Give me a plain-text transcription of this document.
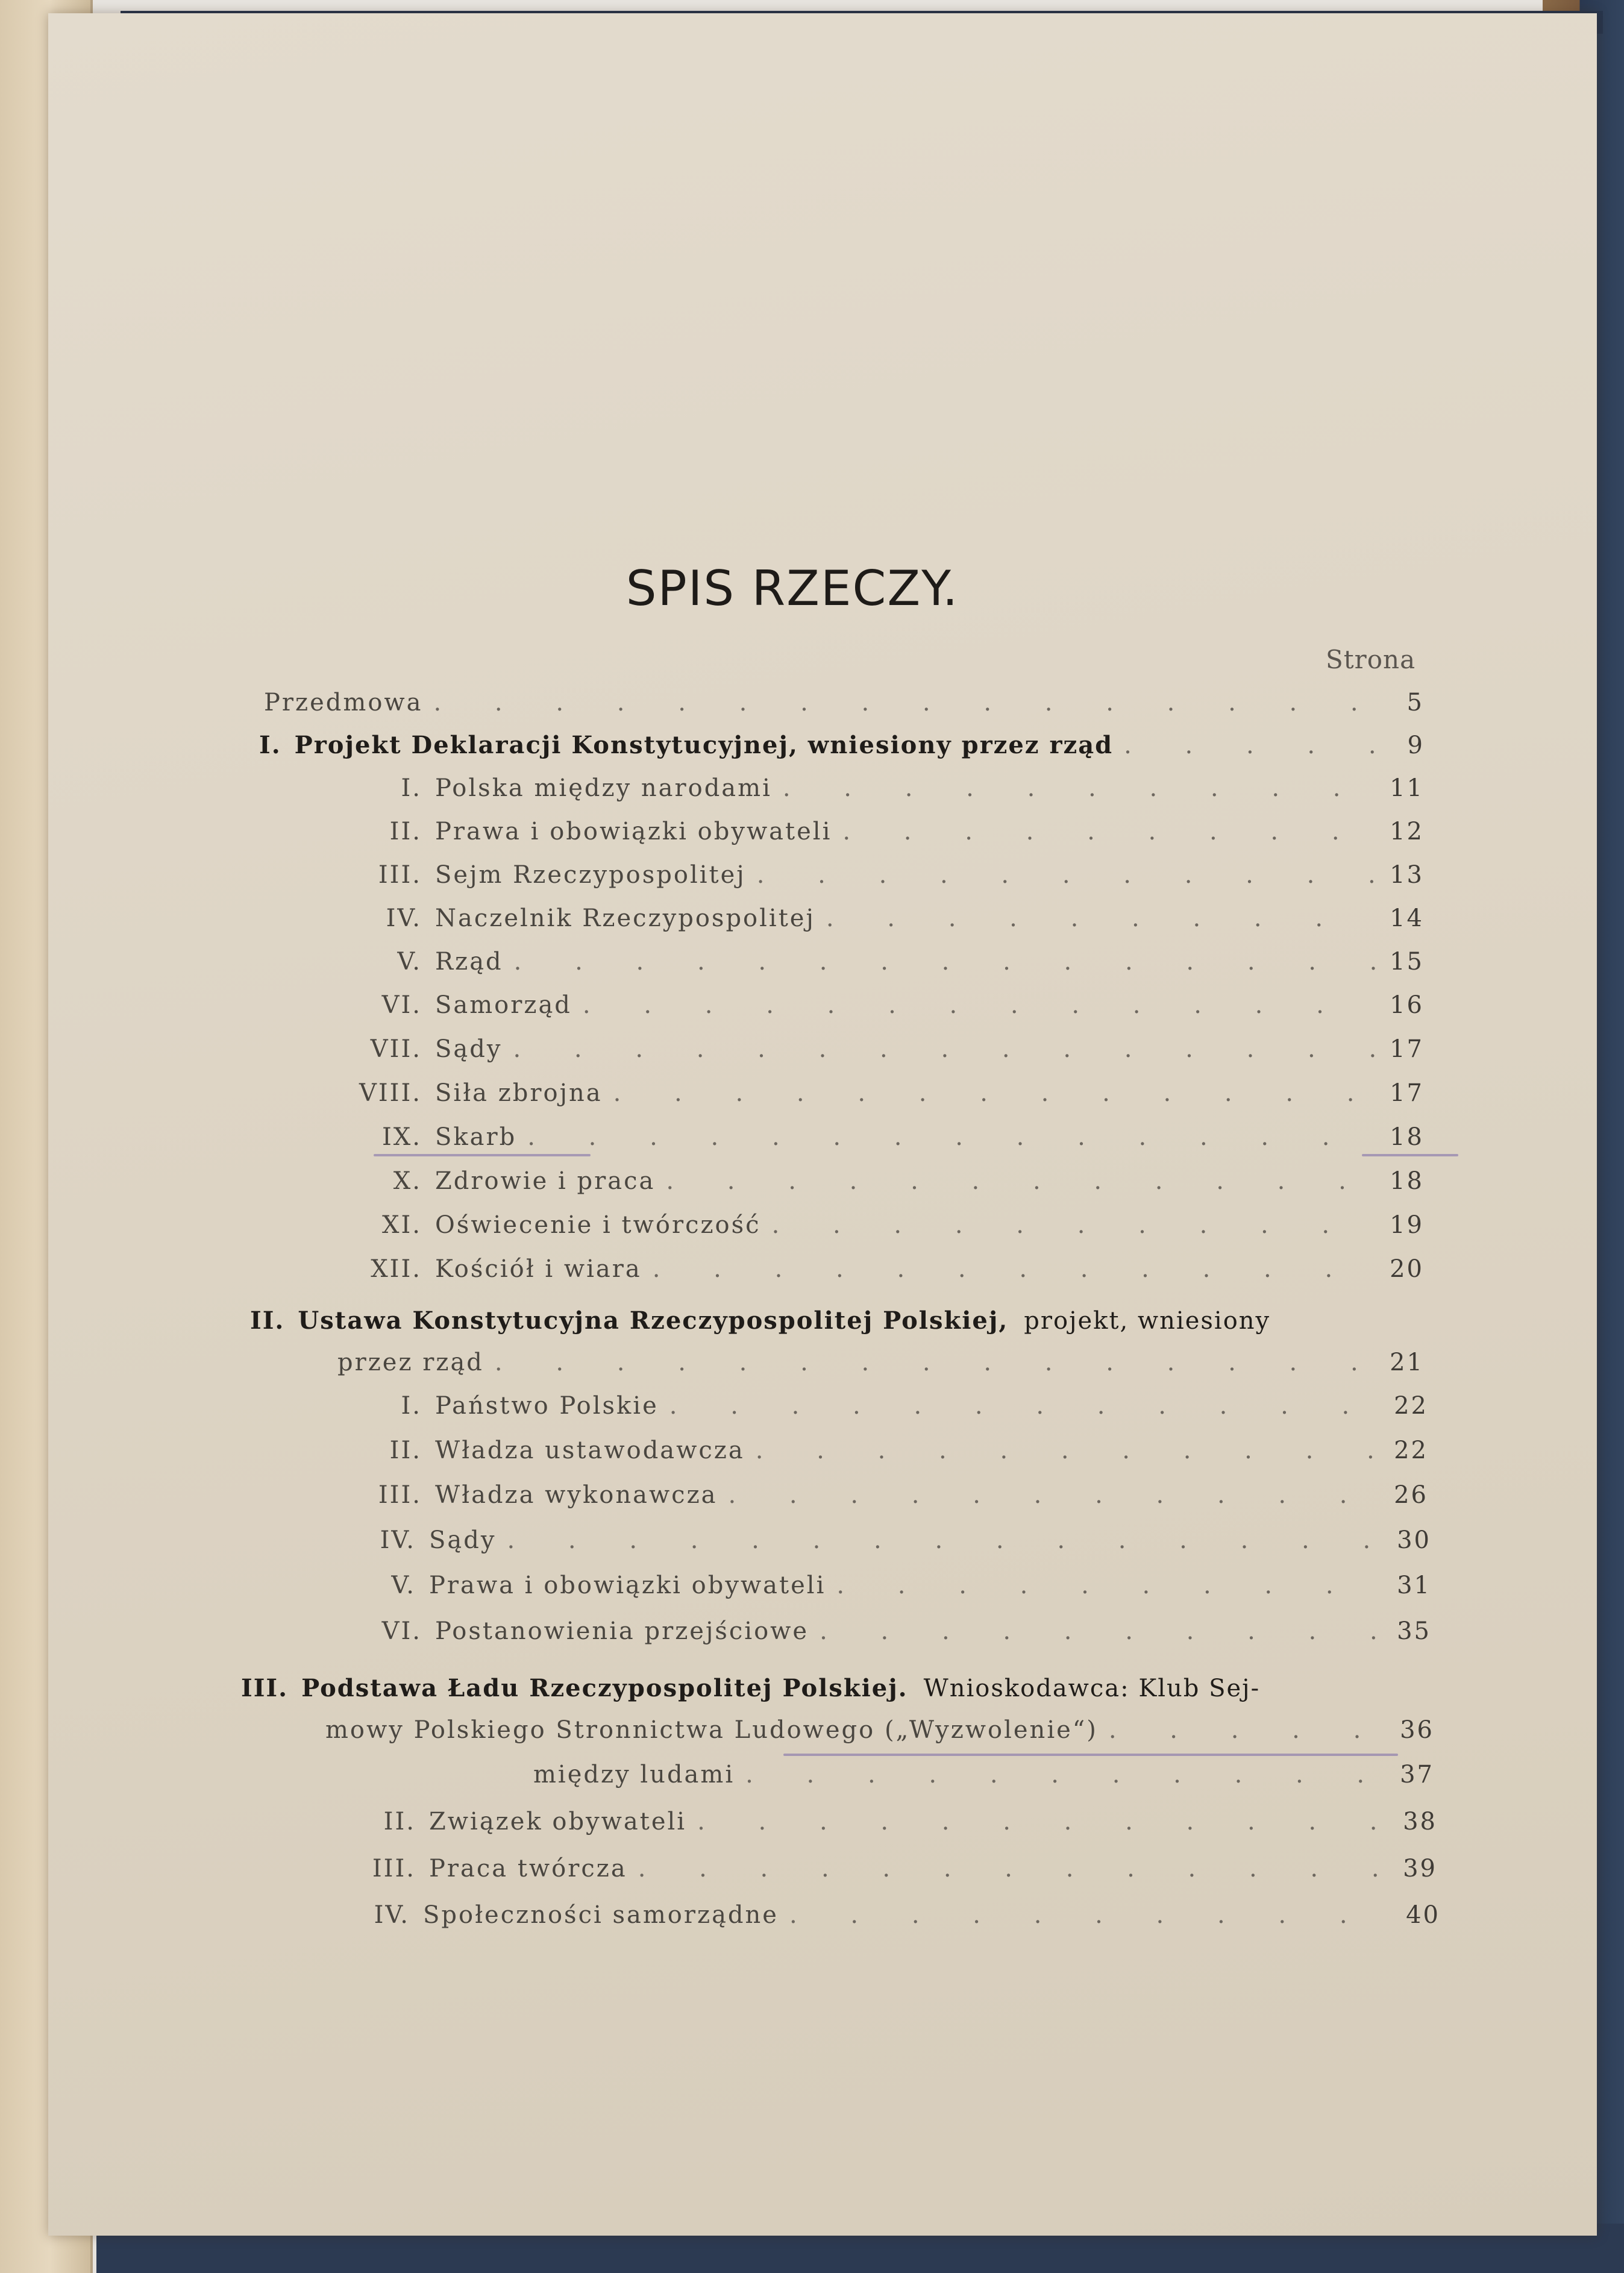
SPIS RZECZY.
Strona
Przedmowa . . .	5
I. Projekt Deklaracji Konstytucyjnej, wniesiony przez rząd . . .	9
I. Polska między narodami . . .	11
II. Prawa i obowiązki obywateli . . .	12
III. Sejm Rzeczypospolitej . . .	13
IV. Naczelnik Rzeczypospolitej . . .	14
V. Rząd . . .	15
VI. Samorząd . . .	16
VII. Sądy . . .	17
VIII. Siła zbrojna . . .	17
IX. Skarb . . .	18
X. Zdrowie i praca . . .	18
XI. Oświecenie i twórczość . . .	19
XII. Kościół i wiara . . .	20
II. Ustawa Konstytucyjna Rzeczypospolitej Polskiej, projekt, wniesiony
przez rząd . . .	21
I. Państwo Polskie . . .	22
II. Władza ustawodawcza . . .	22
III. Władza wykonawcza . . .	26
IV. Sądy . . .	30
V. Prawa i obowiązki obywateli . . .	31
VI. Postanowienia przejściowe . . .	35
III. Podstawa Ładu Rzeczypospolitej Polskiej. Wnioskodawca: Klub Sej-
mowy Polskiego Stronnictwa Ludowego („Wyzwolenie“) . . .	36
między ludami . . .	37
II. Związek obywateli . . .	38
III. Praca twórcza . . .	39
IV. Społeczności samorządne . . .	40
